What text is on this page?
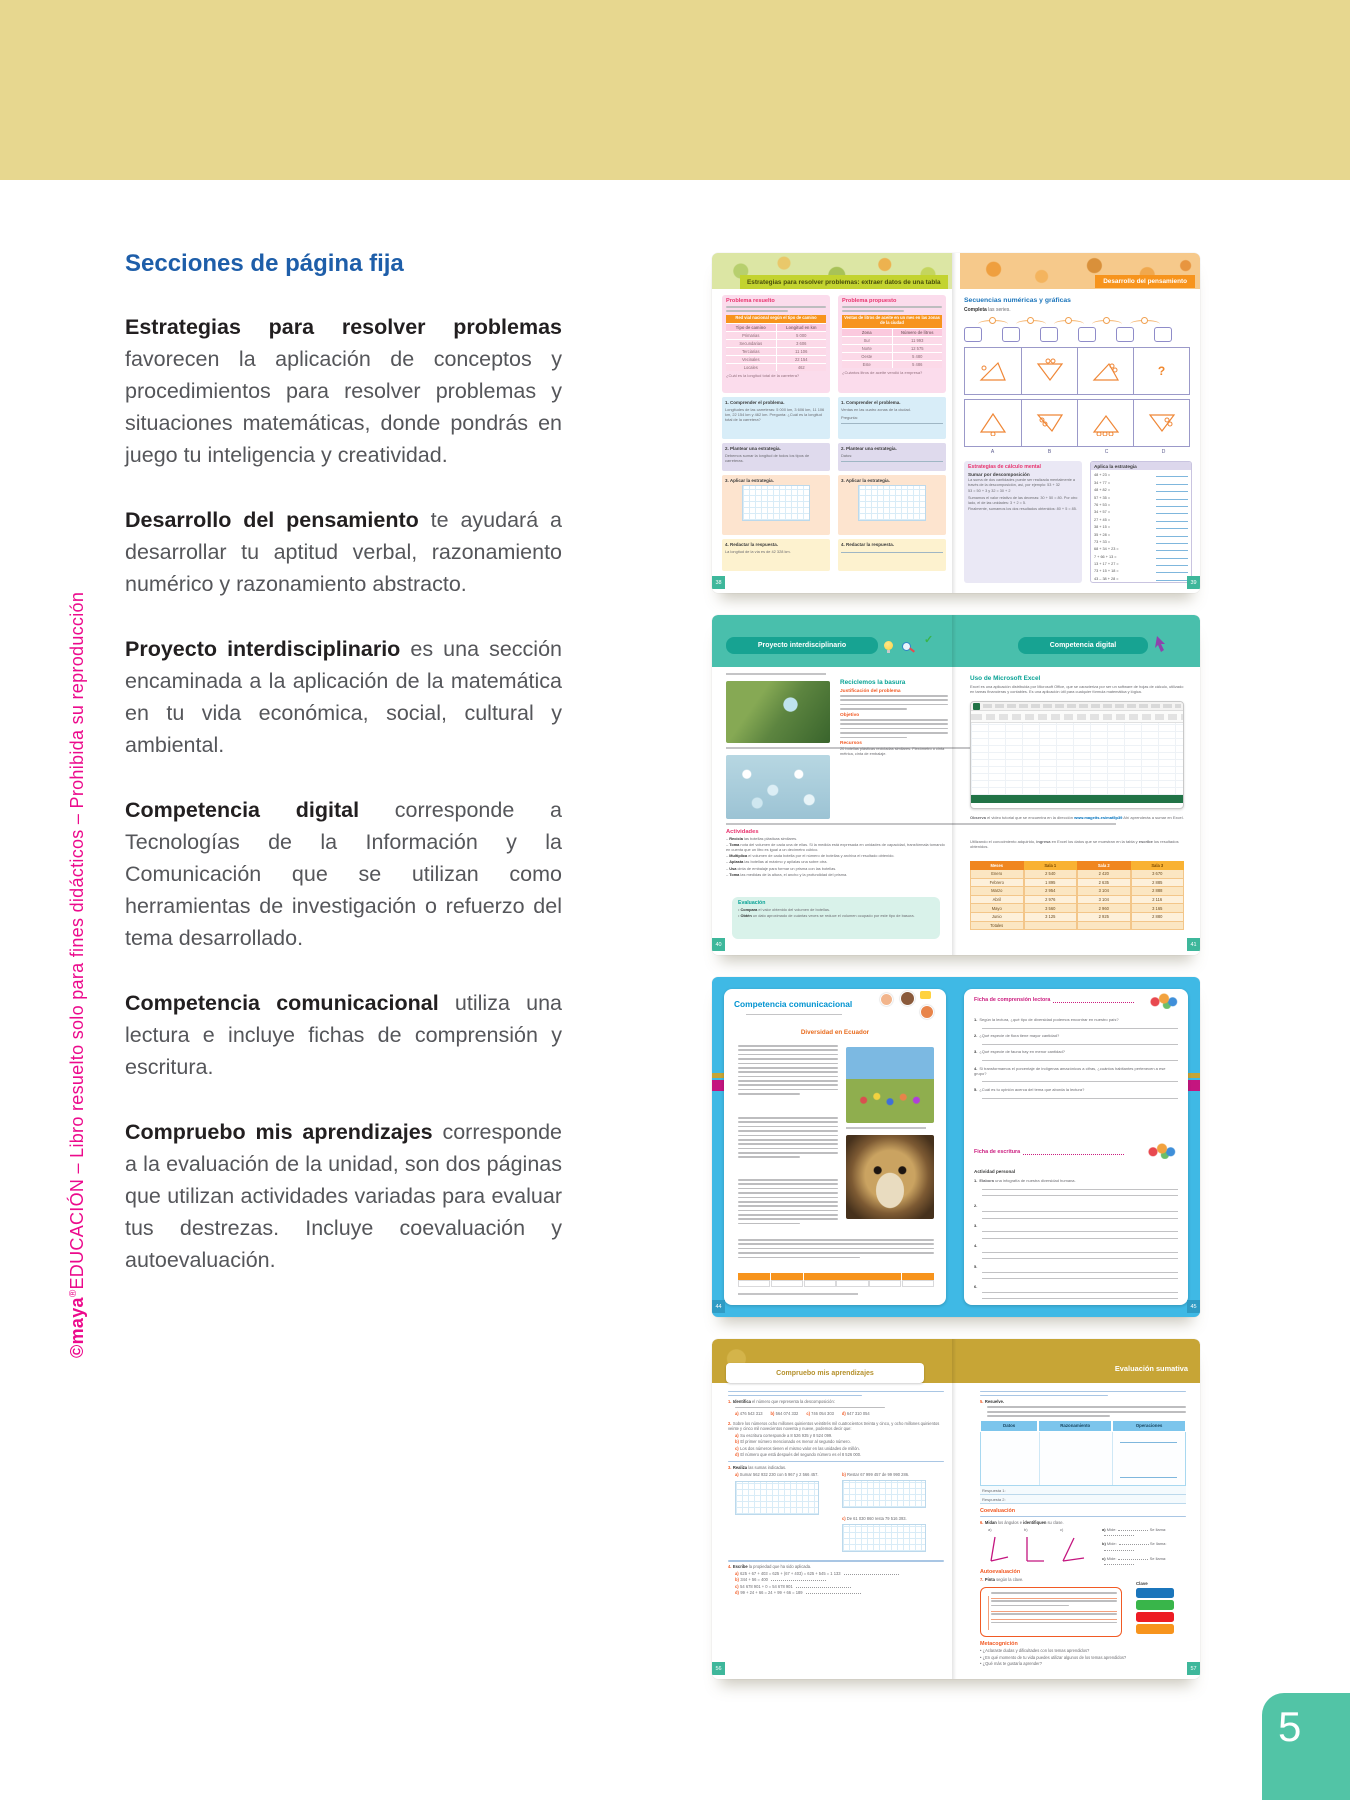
©maya®EDUCACIÓN – Libro resuelto solo para fines didácticos – Prohibida su reproducción
Secciones de página fija

Estrategias para resolver problemas favorecen la aplicación de conceptos y procedimientos para resolver problemas y situaciones matemáticas, donde pondrás en juego tu inteligencia y creatividad.

Desarrollo del pensamiento te ayudará a desarrollar tu aptitud verbal, razonamiento numérico y razonamiento abstracto.

Proyecto interdisciplinario es una sección encaminada a la aplicación de la matemática en tu vida económica, social, cultural y ambiental.

Competencia digital corresponde a Tecnologías de la Información y la Comunicación que se utilizan como herramientas de investigación o refuerzo del tema desarrollado.

Competencia comunicacional utiliza una lectura e incluye fichas de comprensión y escritura.

Compruebo mis aprendizajes corresponde a la evaluación de la unidad, son dos páginas que utilizan actividades variadas para evaluar tus destrezas. Incluye coevaluación y autoevaluación.

Estrategias para resolver problemas: extraer datos de una tabla	Desarrollo del pensamiento
Problema resuelto
Red vial nacional según el tipo de camino
Tipo de camino	Longitud en km
Primarias	5 000
Secundarias	3 606
Terciarias	11 106
Vecinales	22 154
Locales	462
¿Cuál es la longitud total de la carretera?
1. Comprender el problema.
Longitudes de las carreteras: 5 000 km, 3 606 km, 11 106 km, 22 154 km y 462 km. Pregunta: ¿Cuál es la longitud total de la carretera?
2. Plantear una estrategia.
Debemos sumar la longitud de todos los tipos de carreteras.
3. Aplicar la estrategia.
4. Redactar la respuesta.
La longitud de la vía es de 42 328 km.
Problema propuesto
Ventas de litros de aceite en un mes en las zonas de la ciudad
Zona	Número de litros
Sur	11 993
Norte	12 575
Oeste	5 480
Este	5 486
¿Cuántos litros de aceite vendió la empresa?
1. Comprender el problema.
Ventas en las cuatro zonas de la ciudad.
Pregunta:
2. Plantear una estrategia.
Datos:
3. Aplicar la estrategia.
4. Redactar la respuesta.
Secuencias numéricas y gráficas
Completa las series.
?
A	B	C	D
Estrategias de cálculo mental
Sumar por descomposición
La suma de dos cantidades puede ser realizada mentalmente a través de la descomposición, así, por ejemplo: 53 + 32
53 = 50 + 3 y 32 = 30 + 2
Sumamos el valor relativo de las decenas: 30 + 50 = 80. Por otro lado, el de las unidades: 3 + 2 = 5.
Finalmente, sumamos los dos resultados obtenidos: 80 + 5 = 85.
Aplica la estrategia
48 + 23 =
34 + 77 =
48 + 82 =
57 + 35 =
76 + 53 =
34 + 57 =
27 + 45 =
38 + 15 =
35 + 28 =
73 + 33 =
68 + 34 + 23 =
7 + 66 + 13 =
13 + 17 + 27 =
73 + 15 + 18 =
43 – 38 + 28 =
38	39
Proyecto interdisciplinario	✓	Competencia digital
Reciclemos la basura
Justificación del problema
Objetivo
Recursos
20 botellas plásticas recicladas similares. Flexómetro o cinta métrica, cinta de embalaje.
Actividades
– Recicla las botellas plásticas similares.
– Toma nota del volumen de cada una de ellas. Si la medida está expresada en unidades de capacidad, transfórmala tomando en cuenta que un litro es igual a un decímetro cúbico.
– Multiplica el volumen de cada botella por el número de botellas y archiva el resultado obtenido.
– Aplasta las botellas al máximo y apílalas una sobre otra.
– Usa cinta de embalaje para formar un prisma con las botellas.
– Toma las medidas de la altura, el ancho y la profundidad del prisma.
Evaluación
• Compara el valor obtenido del volumen de botellas.
• Obtén un dato aproximado de cuántas veces se reduce el volumen ocupado por este tipo de basura.
Uso de Microsoft Excel
Excel es una aplicación distribuida por Microsoft Office, que se caracteriza por ser un software de hojas de cálculo, utilizado en tareas financieras y contables. Es una aplicación útil para cualquier fórmula matemática y lógica.
Observa el video tutorial que se encuentra en la dirección www.mageits.es/mat5p39 Ahí aprenderás a sumar en Excel.
Utilizando el conocimiento adquirido, ingresa en Excel los datos que se muestran en la tabla y escribe los resultados obtenidos.
Meses	Sala 1	Sala 2	Sala 3
Enero	2 540	2 420	3 670
Febrero	1 895	2 635	2 885
Marzo	2 954	3 104	2 888
Abril	2 976	3 104	2 116
Mayo	3 560	2 960	3 165
Junio	3 125	2 925	2 880
Totales
40	41
Competencia comunicacional
Diversidad en Ecuador
Ficha de comprensión lectora
1. Según la lectura, ¿qué tipo de diversidad podemos encontrar en nuestro país?
2. ¿Qué especie de flora tiene mayor cantidad?
3. ¿Qué especie de fauna hay en menor cantidad?
4. Si transformamos el porcentaje de indígenas amazónicos a cifras, ¿cuántos habitantes pertenecen a ese grupo?
5. ¿Cuál es tu opinión acerca del tema que aborda la lectura?
Ficha de escritura
Actividad personal
1. Elabora una infografía de nuestra diversidad humana.
2.
3.
4.
5.
6.
44	45
Compruebo mis aprendizajes	Evaluación sumativa
1. Identifica el número que representa la descomposición:
a) 476 543 313 b) 564 074 332 c) 746 054 303 d) 647 310 054
2. Sobre los números ocho millones quinientos veintitrés mil cuatrocientos treinta y cinco, y ocho millones quinientos veinte y cinco mil novecientos noventa y nueve, podemos decir que:
a) Su escritura corresponde a 8 526 935 y 8 524 099.
b) El primer número mencionado es menor al segundo número.
c) Los dos números tienen el mismo valor en las unidades de millón.
d) El número que está después del segundo número es el 8 526 000.
3. Realiza las sumas indicadas.
a) Sumar 562 932 230 con 5 967 y 2 566 457.	b) Restar 67 999 457 de 99 990 286.
c) De 61 030 860 resta 79 516 393.
4. Escribe la propiedad que ha sido aplicada.
a) 625 + 67 + 403 = 625 + (67 + 403) = 625 + 545 = 1 133
b) 344 + 56 = 400
c) 54 678 901 + 0 = 54 678 901
d) 99 + 24 + 66 = 24 + 99 + 66 = 189
5. Resuelve.
Datos	Razonamiento	Operaciones
Respuesta 1:
Respuesta 2:
Coevaluación
6. Midan los ángulos e identifiquen su clase.
a)	b)	c)	a) Mide:	Se llama:
b) Mide:	Se llama:
c) Mide:	Se llama:
Autoevaluación
7. Pinta según la clave.
Clave
Metacognición
• ¿Aclaraste dudas y dificultades con los temas aprendidos?
• ¿En qué momento de tu vida puedes utilizar algunos de los temas aprendidos?
• ¿Qué más te gustaría aprender?
56	57
5
